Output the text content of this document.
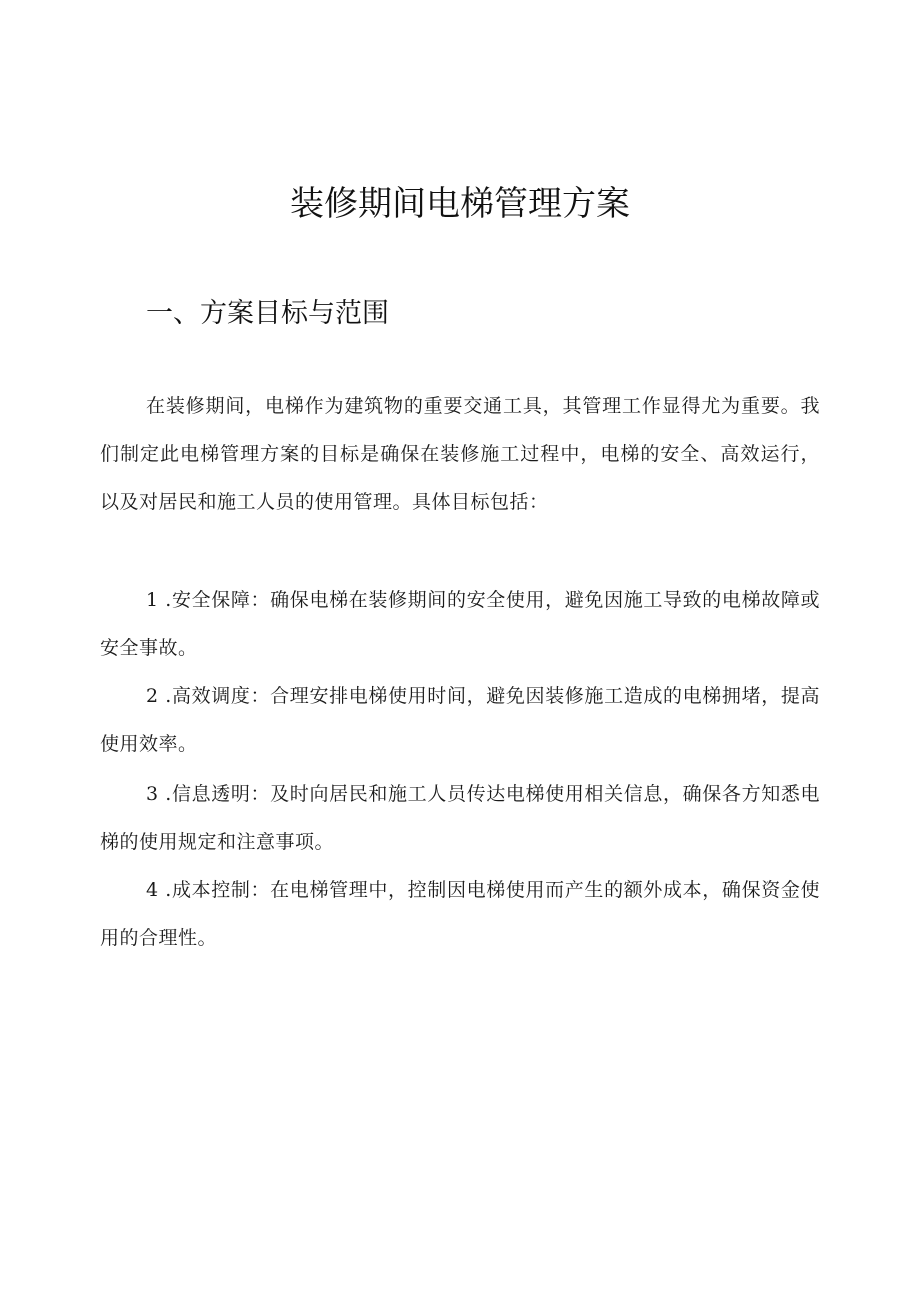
装修期间电梯管理方案
一、方案目标与范围

在装修期间，电梯作为建筑物的重要交通工具，其管理工作显得尤为重要。我们制定此电梯管理方案的目标是确保在装修施工过程中，电梯的安全、高效运行，以及对居民和施工人员的使用管理。具体目标包括：

1 .安全保障：确保电梯在装修期间的安全使用，避免因施工导致的电梯故障或安全事故。

2 .高效调度：合理安排电梯使用时间，避免因装修施工造成的电梯拥堵，提高使用效率。

3 .信息透明：及时向居民和施工人员传达电梯使用相关信息，确保各方知悉电梯的使用规定和注意事项。

4 .成本控制：在电梯管理中，控制因电梯使用而产生的额外成本，确保资金使用的合理性。
